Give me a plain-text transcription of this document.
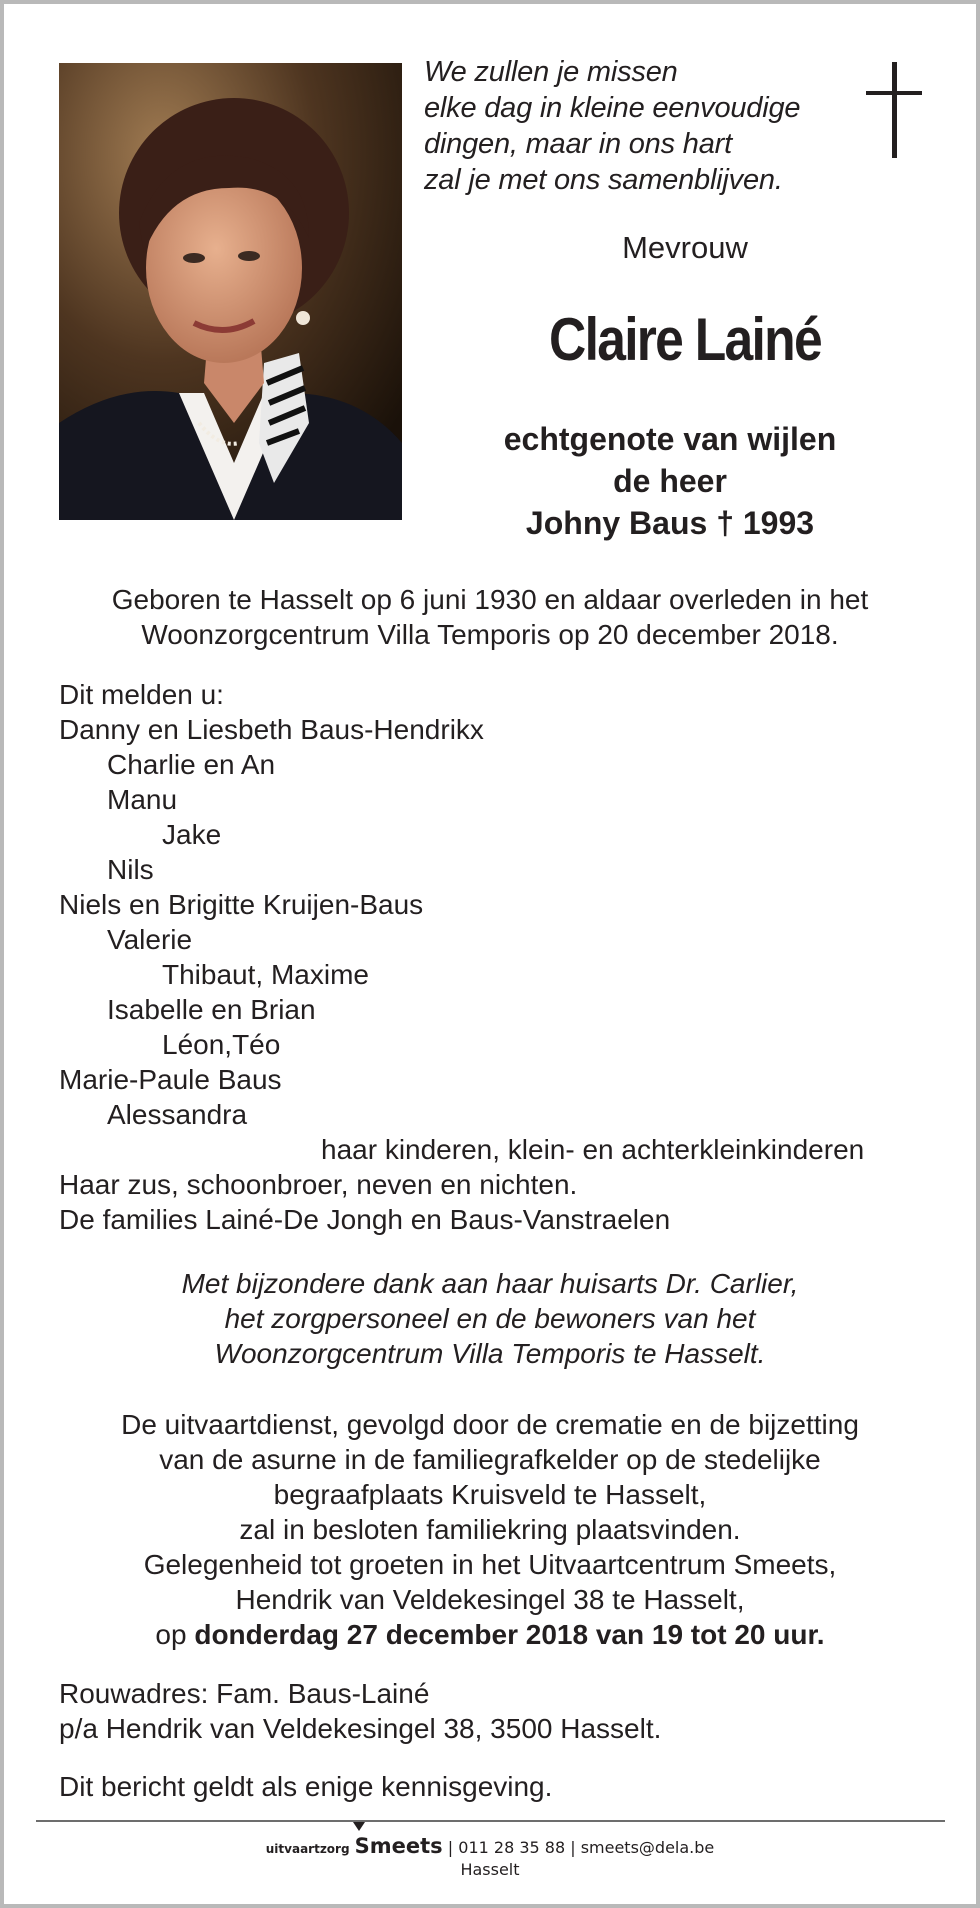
We zullen je missen
elke dag in kleine eenvoudige
dingen, maar in ons hart
zal je met ons samenblijven.
Mevrouw
Claire Lainé
echtgenote van wijlen
de heer
Johny Baus † 1993
Geboren te Hasselt op 6 juni 1930 en aldaar overleden in het
Woonzorgcentrum Villa Temporis op 20 december 2018.
Dit melden u:
Danny en Liesbeth Baus-Hendrikx
Charlie en An
Manu
Jake
Nils
Niels en Brigitte Kruijen-Baus
Valerie
Thibaut, Maxime
Isabelle en Brian
Léon,Téo
Marie-Paule Baus
Alessandra
haar kinderen, klein- en achterkleinkinderen
Haar zus, schoonbroer, neven en nichten.
De families Lainé-De Jongh en Baus-Vanstraelen
Met bijzondere dank aan haar huisarts Dr. Carlier,
het zorgpersoneel en de bewoners van het
Woonzorgcentrum Villa Temporis te Hasselt.
De uitvaartdienst, gevolgd door de crematie en de bijzetting
van de asurne in de familiegrafkelder op de stedelijke
begraafplaats Kruisveld te Hasselt,
zal in besloten familiekring plaatsvinden.
Gelegenheid tot groeten in het Uitvaartcentrum Smeets,
Hendrik van Veldekesingel 38 te Hasselt,
op donderdag 27 december 2018 van 19 tot 20 uur.
Rouwadres: Fam. Baus-Lainé
p/a Hendrik van Veldekesingel 38, 3500 Hasselt.
Dit bericht geldt als enige kennisgeving.
uitvaartzorg Smeets | 011 28 35 88 | smeets@dela.be
Hasselt
